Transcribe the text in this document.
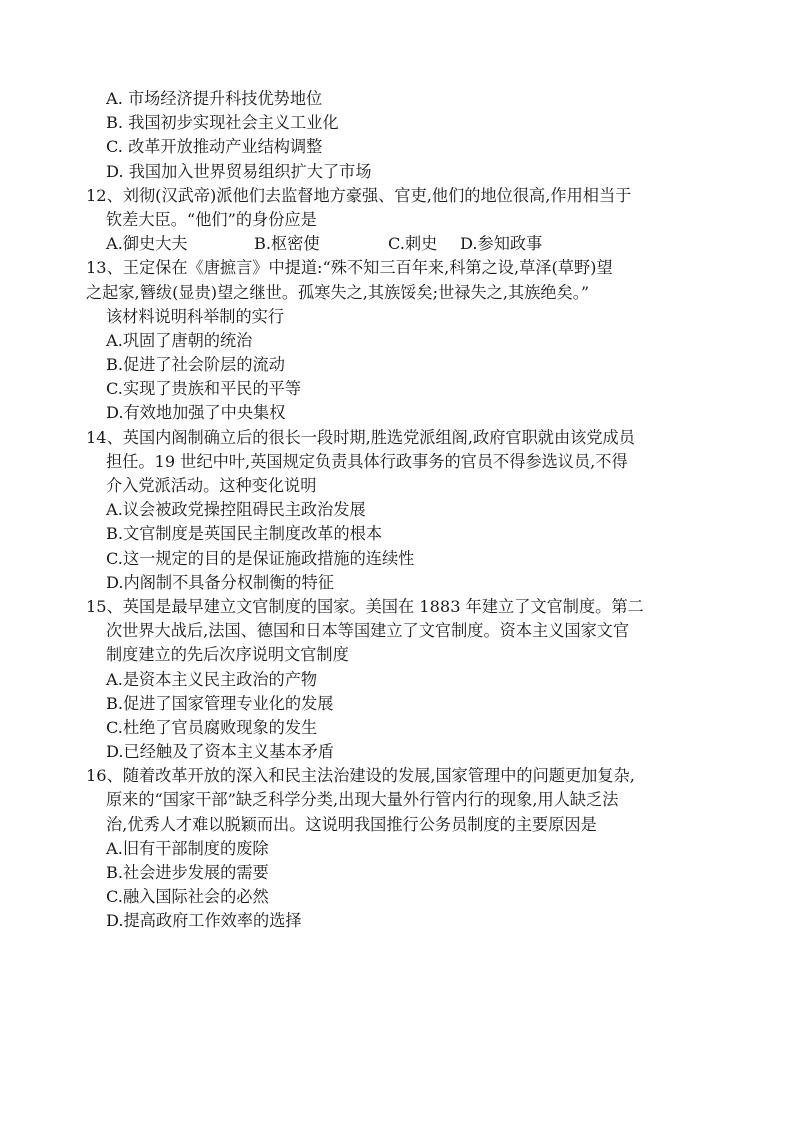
A. 市场经济提升科技优势地位
B. 我国初步实现社会主义工业化
C. 改革开放推动产业结构调整
D. 我国加入世界贸易组织扩大了市场
12、刘彻(汉武帝)派他们去监督地方豪强、官吏,他们的地位很高,作用相当于
钦差大臣。“他们”的身份应是
A.御史大夫	B.枢密使	C.刺史 D.参知政事
13、王定保在《唐摭言》中提道:“殊不知三百年来,科第之设,草泽(草野)望
之起家,簪绂(显贵)望之继世。孤寒失之,其族馁矣;世禄失之,其族绝矣。”
该材料说明科举制的实行
A.巩固了唐朝的统治
B.促进了社会阶层的流动
C.实现了贵族和平民的平等
D.有效地加强了中央集权
14、英国内阁制确立后的很长一段时期,胜选党派组阁,政府官职就由该党成员
担任。19 世纪中叶,英国规定负责具体行政事务的官员不得参选议员,不得
介入党派活动。这种变化说明
A.议会被政党操控阻碍民主政治发展
B.文官制度是英国民主制度改革的根本
C.这一规定的目的是保证施政措施的连续性
D.内阁制不具备分权制衡的特征
15、英国是最早建立文官制度的国家。美国在 1883 年建立了文官制度。第二
次世界大战后,法国、德国和日本等国建立了文官制度。资本主义国家文官
制度建立的先后次序说明文官制度
A.是资本主义民主政治的产物
B.促进了国家管理专业化的发展
C.杜绝了官员腐败现象的发生
D.已经触及了资本主义基本矛盾
16、随着改革开放的深入和民主法治建设的发展,国家管理中的问题更加复杂,
原来的“国家干部”缺乏科学分类,出现大量外行管内行的现象,用人缺乏法
治,优秀人才难以脱颖而出。这说明我国推行公务员制度的主要原因是
A.旧有干部制度的废除
B.社会进步发展的需要
C.融入国际社会的必然
D.提高政府工作效率的选择
